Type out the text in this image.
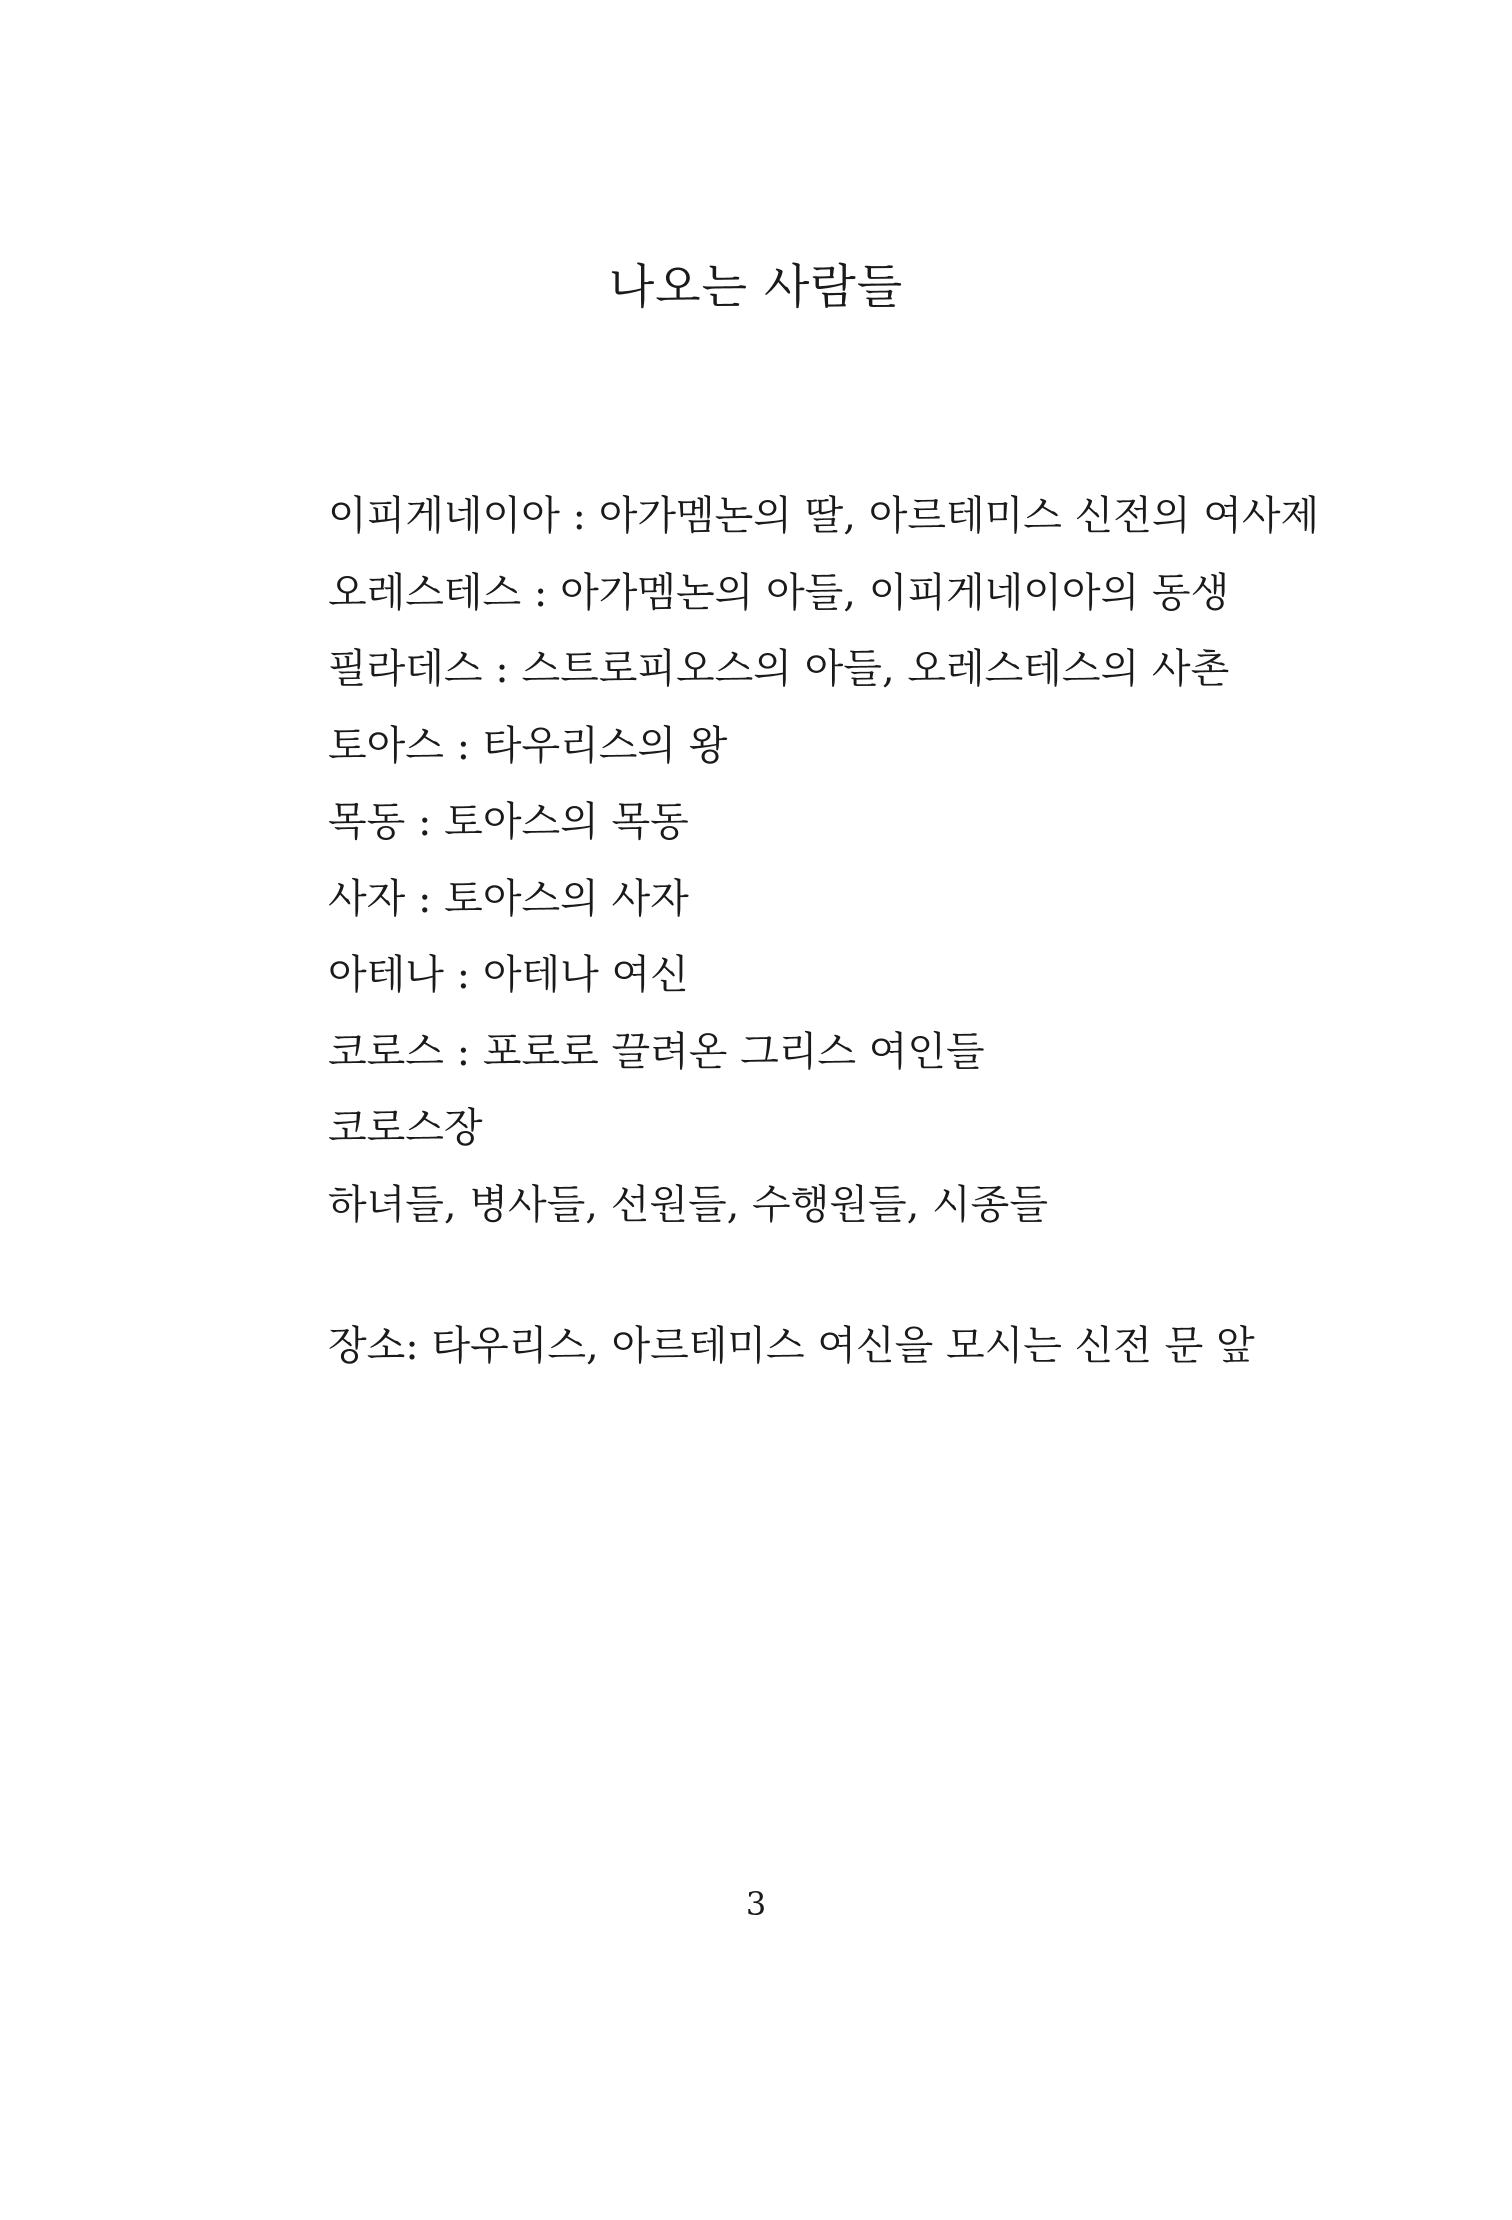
나오는 사람들
이피게네이아 : 아가멤논의 딸, 아르테미스 신전의 여사제
오레스테스 : 아가멤논의 아들, 이피게네이아의 동생
필라데스 : 스트로피오스의 아들, 오레스테스의 사촌
토아스 : 타우리스의 왕
목동 : 토아스의 목동
사자 : 토아스의 사자
아테나 : 아테나 여신
코로스 : 포로로 끌려온 그리스 여인들
코로스장
하녀들, 병사들, 선원들, 수행원들, 시종들

장소: 타우리스, 아르테미스 여신을 모시는 신전 문 앞

3
